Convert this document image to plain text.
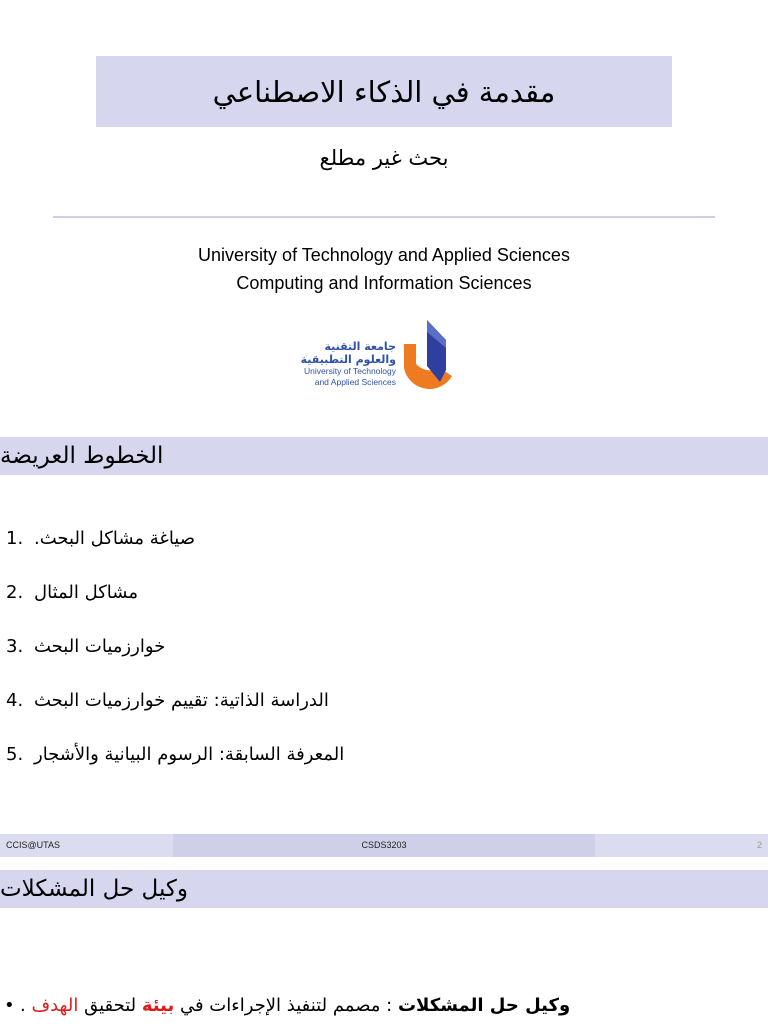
مقدمة في الذكاء الاصطناعي
بحث غير مطلع
University of Technology and Applied Sciences
Computing and Information Sciences
جامعة التقنية
والعلوم التطبيقية
University of Technology
and Applied Sciences
الخطوط العريضة
1. صياغة مشاكل البحث.
2. مشاكل المثال
3. خوارزميات البحث
4. الدراسة الذاتية: تقييم خوارزميات البحث
5. المعرفة السابقة: الرسوم البيانية والأشجار
CCIS@UTAS	CSDS3203	2
وكيل حل المشكلات
•	وكيل حل المشكلات : مصمم لتنفيذ الإجراءات في بيئة لتحقيق الهدف .
